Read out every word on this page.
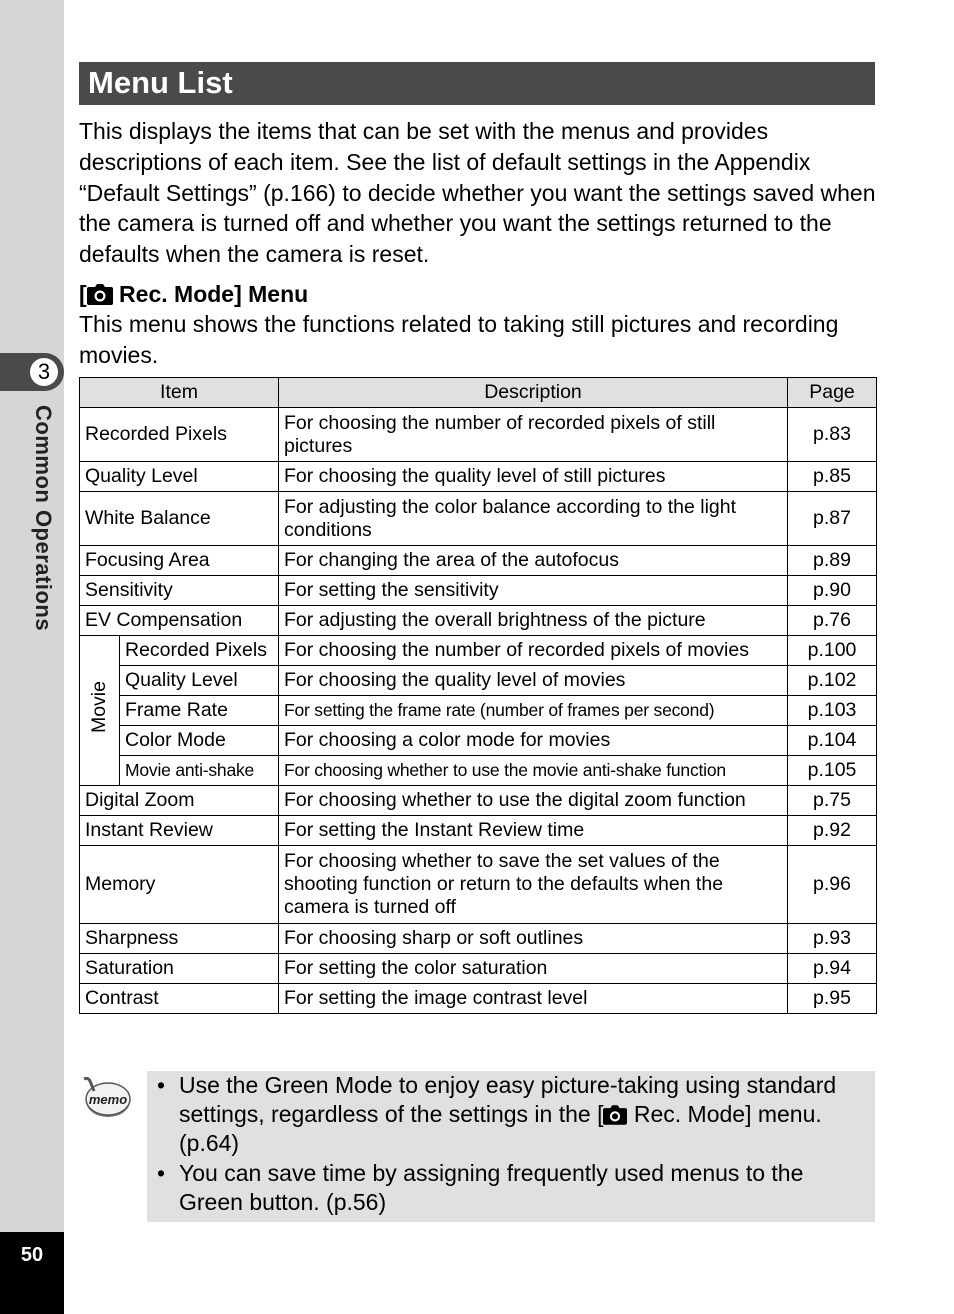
3
Common Operations
50
Menu List

This displays the items that can be set with the menus and provides descriptions of each item. See the list of default settings in the Appendix “Default Settings” (p.166) to decide whether you want the settings saved when the camera is turned off and whether you want the settings returned to the defaults when the camera is reset.

[ Rec. Mode] Menu

This menu shows the functions related to taking still pictures and recording movies.

Item		Description	Page
Recorded Pixels		For choosing the number of recorded pixels of still pictures	p.83
Quality Level		For choosing the quality level of still pictures	p.85
White Balance		For adjusting the color balance according to the light conditions	p.87
Focusing Area		For changing the area of the autofocus	p.89
Sensitivity		For setting the sensitivity	p.90
EV Compensation		For adjusting the overall brightness of the picture	p.76
Movie	Recorded Pixels	For choosing the number of recorded pixels of movies	p.100
	Quality Level	For choosing the quality level of movies	p.102
	Frame Rate	For setting the frame rate (number of frames per second)	p.103
	Color Mode	For choosing a color mode for movies	p.104
	Movie anti-shake	For choosing whether to use the movie anti-shake function	p.105
Digital Zoom		For choosing whether to use the digital zoom function	p.75
Instant Review		For setting the Instant Review time	p.92
Memory		For choosing whether to save the set values of the shooting function or return to the defaults when the camera is turned off	p.96
Sharpness		For choosing sharp or soft outlines	p.93
Saturation		For setting the color saturation	p.94
Contrast		For setting the image contrast level	p.95
memo
• Use the Green Mode to enjoy easy picture-taking using standard settings, regardless of the settings in the [ Rec. Mode] menu. (p.64)
• You can save time by assigning frequently used menus to the Green button. (p.56)
